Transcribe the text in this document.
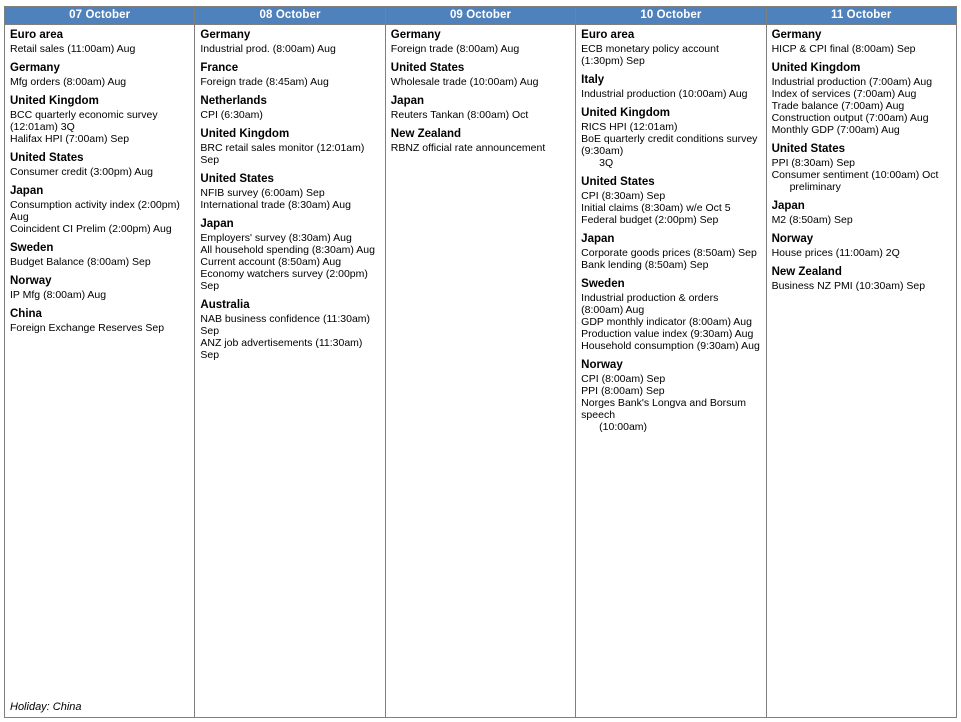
07 October
Euro area
Retail sales (11:00am) Aug
Germany
Mfg orders (8:00am) Aug
United Kingdom
BCC quarterly economic survey (12:01am) 3Q
Halifax HPI (7:00am) Sep
United States
Consumer credit (3:00pm) Aug
Japan
Consumption activity index (2:00pm) Aug
Coincident CI Prelim (2:00pm) Aug
Sweden
Budget Balance (8:00am) Sep
Norway
IP Mfg (8:00am) Aug
China
Foreign Exchange Reserves Sep
Holiday: China
08 October
Germany
Industrial prod. (8:00am) Aug
France
Foreign trade (8:45am) Aug
Netherlands
CPI (6:30am)
United Kingdom
BRC retail sales monitor (12:01am) Sep
United States
NFIB survey (6:00am) Sep
International trade (8:30am) Aug
Japan
Employers' survey (8:30am) Aug
All household spending (8:30am) Aug
Current account (8:50am) Aug
Economy watchers survey (2:00pm) Sep
Australia
NAB business confidence (11:30am) Sep
ANZ job advertisements (11:30am) Sep
09 October
Germany
Foreign trade (8:00am) Aug
United States
Wholesale trade (10:00am) Aug
Japan
Reuters Tankan (8:00am) Oct
New Zealand
RBNZ official rate announcement
10 October
Euro area
ECB monetary policy account (1:30pm) Sep
Italy
Industrial production (10:00am) Aug
United Kingdom
RICS HPI (12:01am)
BoE quarterly credit conditions survey (9:30am)
3Q
United States
CPI (8:30am) Sep
Initial claims (8:30am) w/e Oct 5
Federal budget (2:00pm) Sep
Japan
Corporate goods prices (8:50am) Sep
Bank lending (8:50am) Sep
Sweden
Industrial production & orders (8:00am) Aug
GDP monthly indicator (8:00am) Aug
Production value index (9:30am) Aug
Household consumption (9:30am) Aug
Norway
CPI (8:00am) Sep
PPI (8:00am) Sep
Norges Bank's Longva and Borsum speech
(10:00am)
11 October
Germany
HICP & CPI final (8:00am) Sep
United Kingdom
Industrial production (7:00am) Aug
Index of services (7:00am) Aug
Trade balance (7:00am) Aug
Construction output (7:00am) Aug
Monthly GDP (7:00am) Aug
United States
PPI (8:30am) Sep
Consumer sentiment (10:00am) Oct
preliminary
Japan
M2 (8:50am) Sep
Norway
House prices (11:00am) 2Q
New Zealand
Business NZ PMI (10:30am) Sep
